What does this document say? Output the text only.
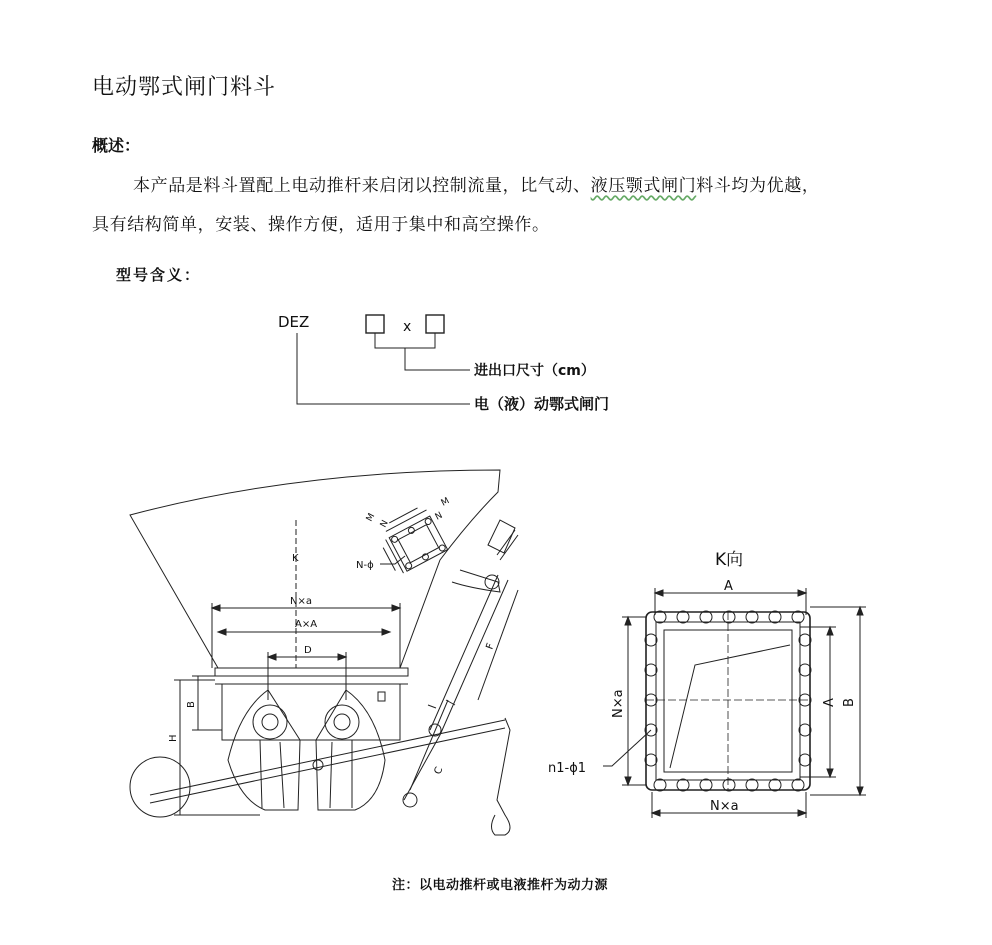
电动鄂式闸门料斗
概述：
本产品是料斗置配上电动推杆来启闭以控制流量，比气动、液压颚式闸门料斗均为优越，
具有结构简单，安装、操作方便，适用于集中和高空操作。
型号含义：
DEZ	x
进出口尺寸（cm）
电（液）动鄂式闸门
K
N×a
A×A
D
B
H
F
C
M
N
M
N
N-ϕ	K向
A
N×a	A B
n1-ϕ1
N×a
注：以电动推杆或电液推杆为动力源
